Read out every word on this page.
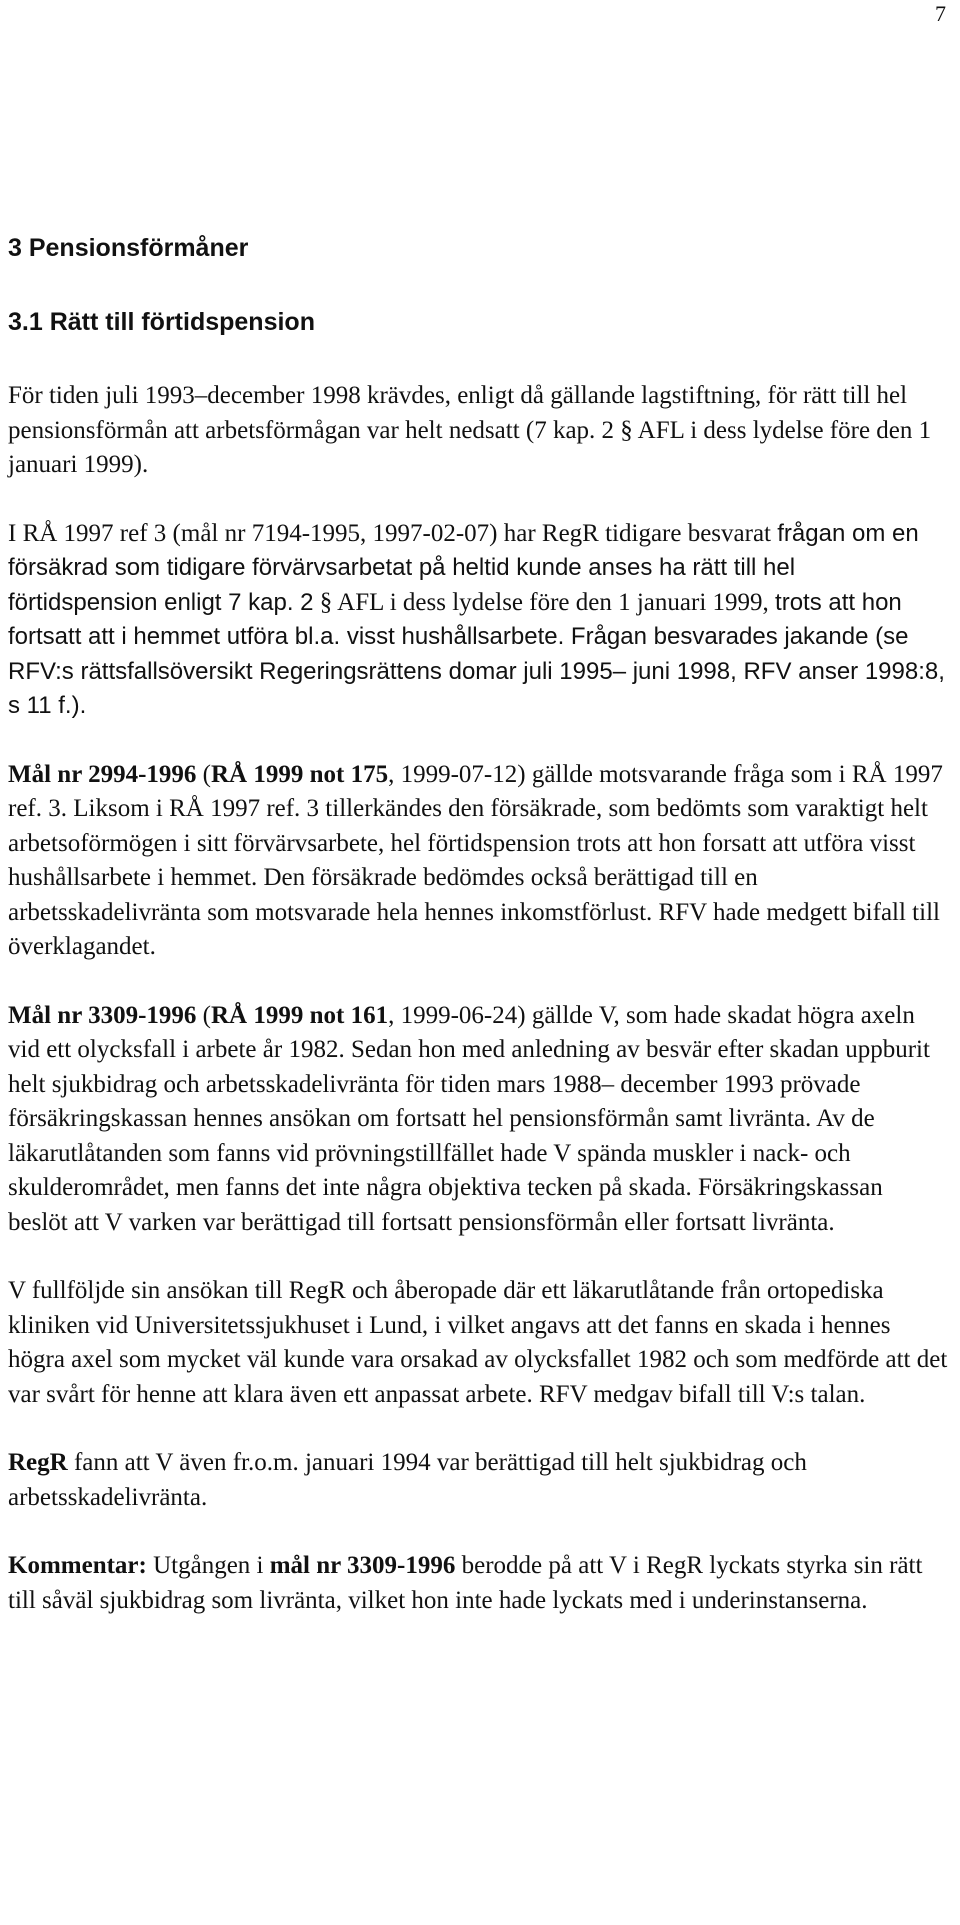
7
3 Pensionsförmåner
3.1 Rätt till förtidspension

För tiden juli 1993–december 1998 krävdes, enligt då gällande lagstiftning, för rätt till hel pensionsförmån att arbetsförmågan var helt nedsatt (7 kap. 2 § AFL i dess lydelse före den 1 januari 1999).

I RÅ 1997 ref 3 (mål nr 7194-1995, 1997-02-07) har RegR tidigare besvarat frågan om en försäkrad som tidigare förvärvsarbetat på heltid kunde anses ha rätt till hel förtidspension enligt 7 kap. 2 § AFL i dess lydelse före den 1 januari 1999, trots att hon fortsatt att i hemmet utföra bl.a. visst hushållsarbete. Frågan besvarades jakande (se RFV:s rättsfallsöversikt Regeringsrättens domar juli 1995– juni 1998, RFV anser 1998:8, s 11 f.).

Mål nr 2994-1996 (RÅ 1999 not 175, 1999-07-12) gällde motsvarande fråga som i RÅ 1997 ref. 3. Liksom i RÅ 1997 ref. 3 tillerkändes den försäkrade, som bedömts som varaktigt helt arbetsoförmögen i sitt förvärvsarbete, hel förtidspension trots att hon forsatt att utföra visst hushållsarbete i hemmet. Den försäkrade bedömdes också berättigad till en arbetsskadelivränta som motsvarade hela hennes inkomstförlust. RFV hade medgett bifall till överklagandet.

Mål nr 3309-1996 (RÅ 1999 not 161, 1999-06-24) gällde V, som hade skadat högra axeln vid ett olycksfall i arbete år 1982. Sedan hon med anledning av besvär efter skadan uppburit helt sjukbidrag och arbetsskadelivränta för tiden mars 1988– december 1993 prövade försäkringskassan hennes ansökan om fortsatt hel pensionsförmån samt livränta. Av de läkarutlåtanden som fanns vid prövningstillfället hade V spända muskler i nack- och skulderområdet, men fanns det inte några objektiva tecken på skada. Försäkringskassan beslöt att V varken var berättigad till fortsatt pensionsförmån eller fortsatt livränta.

V fullföljde sin ansökan till RegR och åberopade där ett läkarutlåtande från ortopediska kliniken vid Universitetssjukhuset i Lund, i vilket angavs att det fanns en skada i hennes högra axel som mycket väl kunde vara orsakad av olycksfallet 1982 och som medförde att det var svårt för henne att klara även ett anpassat arbete. RFV medgav bifall till V:s talan.

RegR fann att V även fr.o.m. januari 1994 var berättigad till helt sjukbidrag och arbetsskadelivränta.

Kommentar: Utgången i mål nr 3309-1996 berodde på att V i RegR lyckats styrka sin rätt till såväl sjukbidrag som livränta, vilket hon inte hade lyckats med i underinstanserna.
